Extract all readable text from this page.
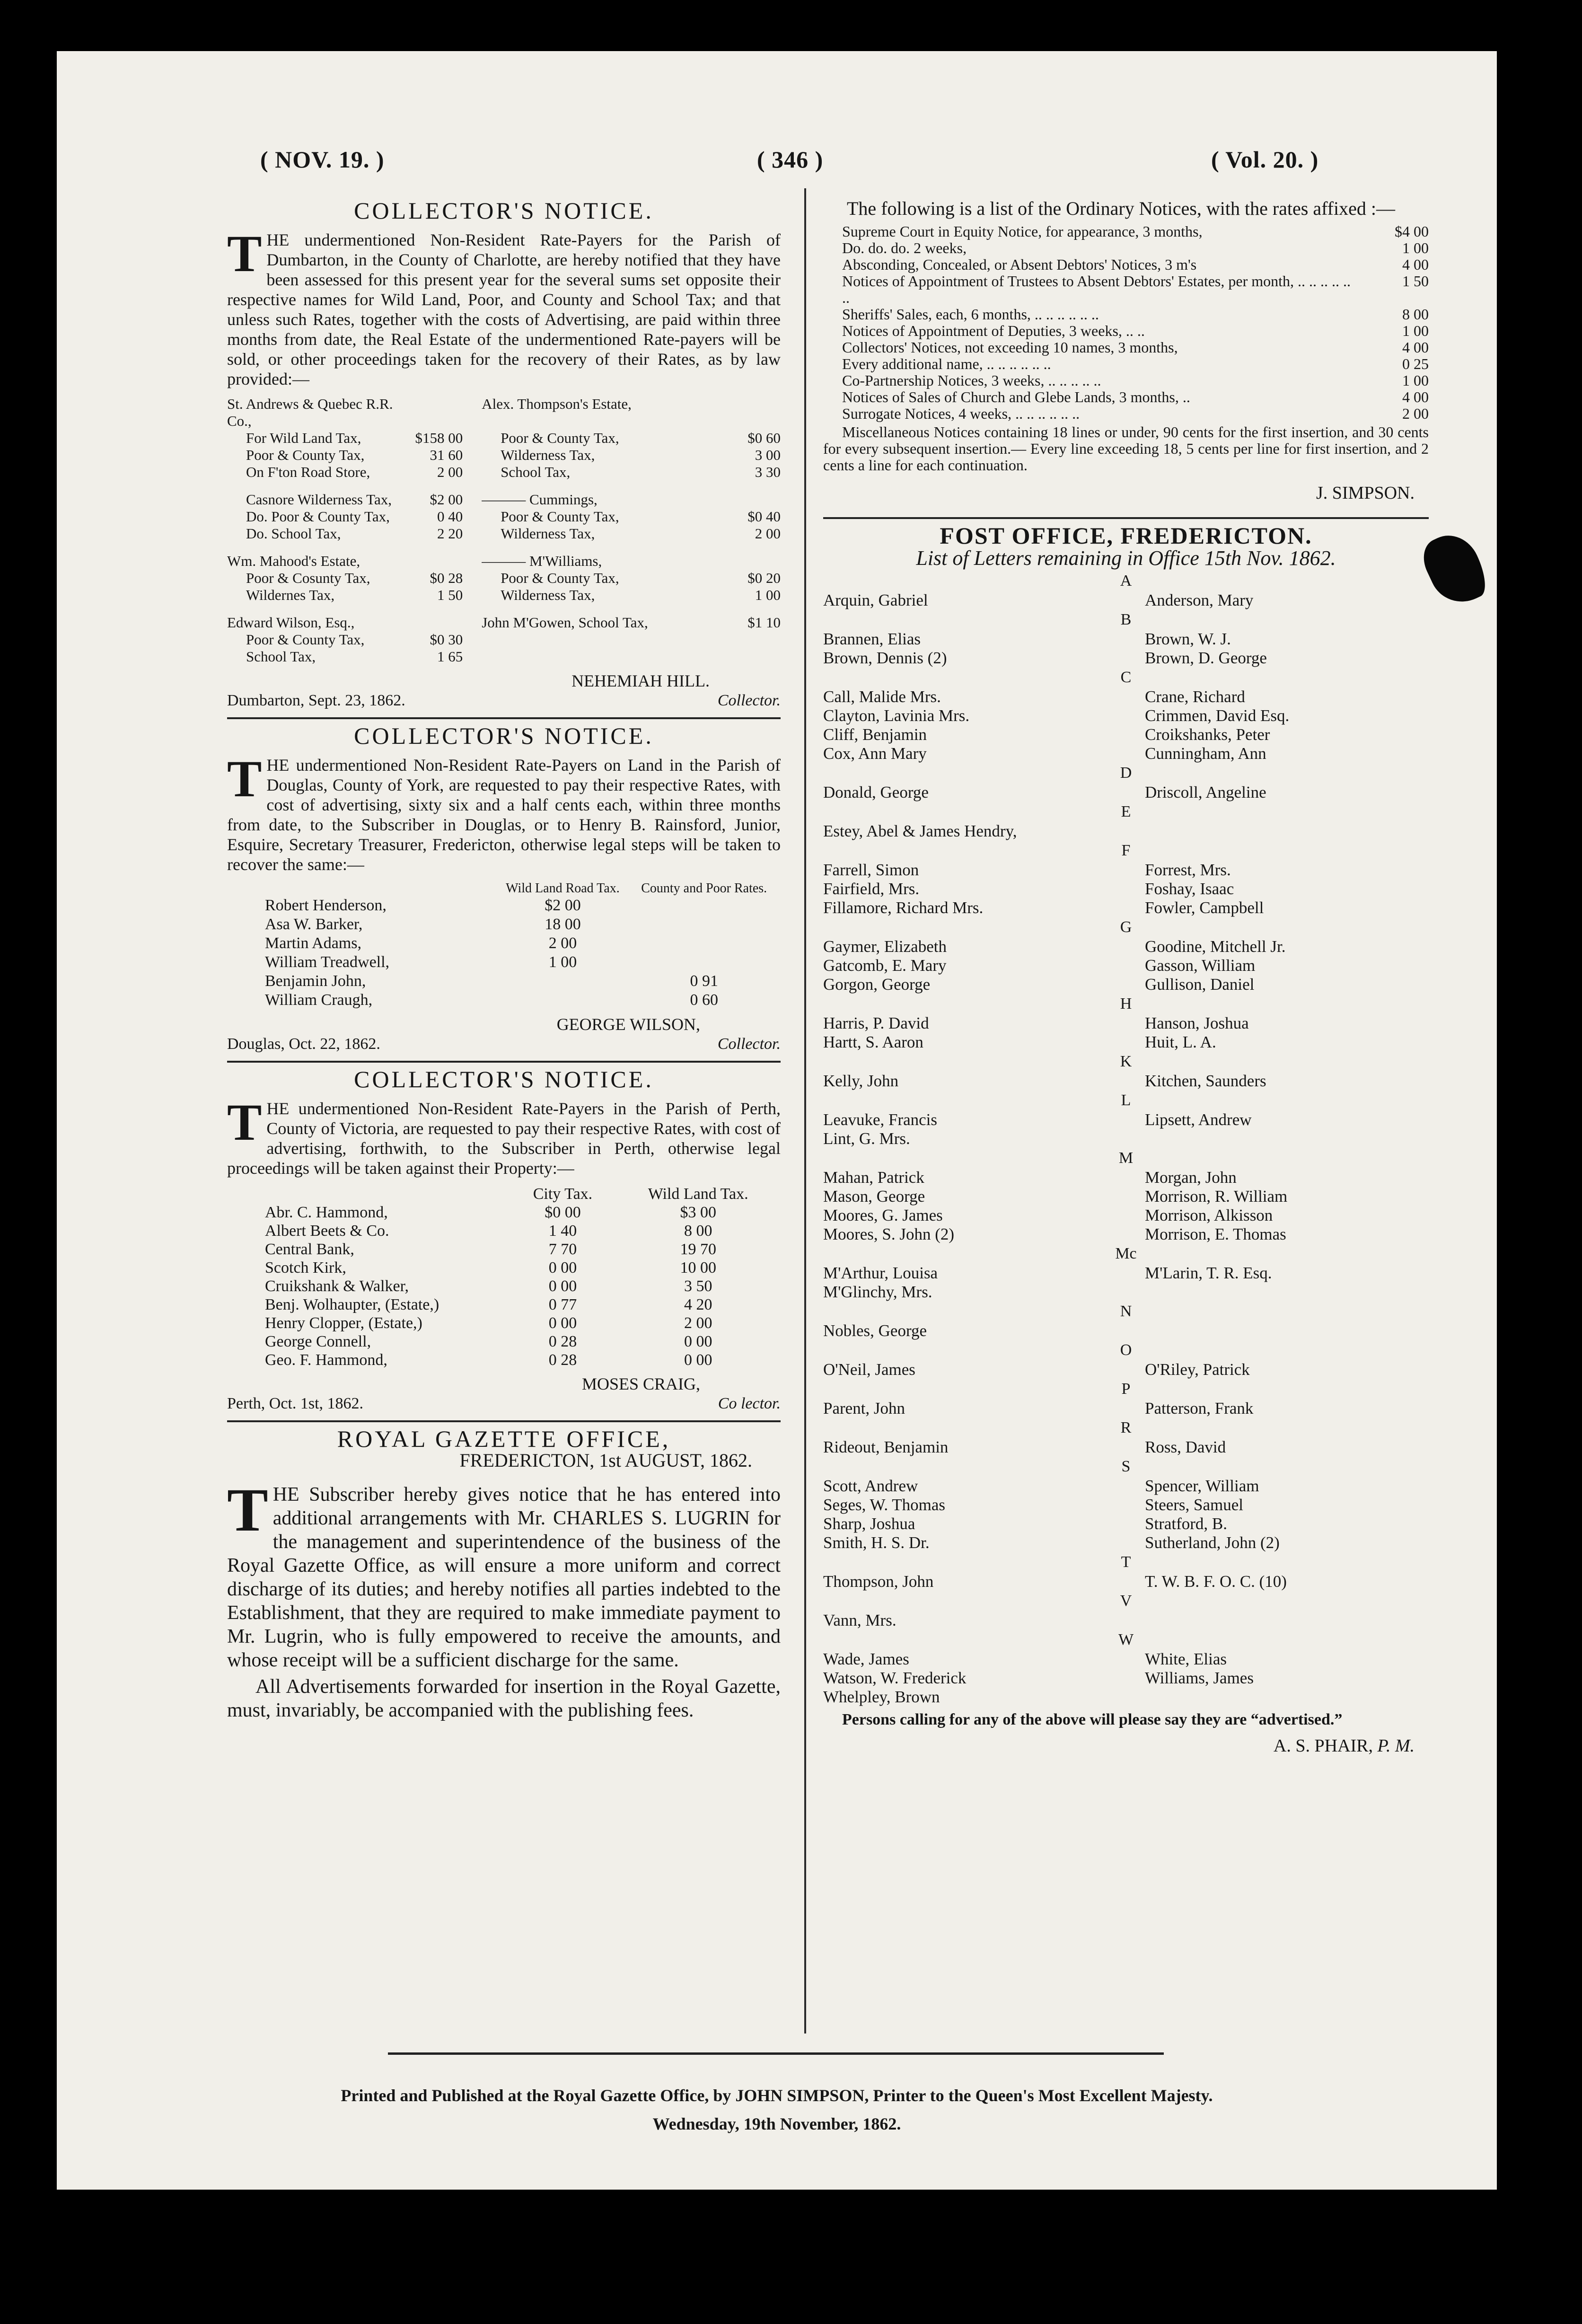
( NOV. 19. )	( 346 )	( Vol. 20. )
COLLECTOR'S NOTICE.

THE undermentioned Non-Resident Rate-Payers for the Parish of Dumbarton, in the County of Charlotte, are hereby notified that they have been assessed for this present year for the several sums set opposite their respective names for Wild Land, Poor, and County and School Tax; and that unless such Rates, together with the costs of Advertising, are paid within three months from date, the Real Estate of the undermentioned Rate-payers will be sold, or other proceedings taken for the recovery of their Rates, as by law provided:—

St. Andrews & Quebec R.R. Co.,		Alex. Thompson's Estate,	
For Wild Land Tax,	$158 00	Poor & County Tax,	$0 60
Poor & County Tax,	31 60	Wilderness Tax,	3 00
On F'ton Road Store,	2 00	School Tax,	3 30

Casnore Wilderness Tax,	$2 00	——— Cummings,	
Do. Poor & County Tax,	0 40	Poor & County Tax,	$0 40
Do. School Tax,	2 20	Wilderness Tax,	2 00

Wm. Mahood's Estate,		——— M'Williams,	
Poor & Cosunty Tax,	$0 28	Poor & County Tax,	$0 20
Wildernes Tax,	1 50	Wilderness Tax,	1 00

Edward Wilson, Esq.,		John M'Gowen, School Tax,	$1 10
Poor & County Tax,	$0 30		
School Tax,	1 65		
NEHEMIAH HILL.
Dumbarton, Sept. 23, 1862.	Collector.
COLLECTOR'S NOTICE.

THE undermentioned Non-Resident Rate-Payers on Land in the Parish of Douglas, County of York, are requested to pay their respective Rates, with cost of advertising, sixty six and a half cents each, within three months from date, to the Subscriber in Douglas, or to Henry B. Rainsford, Junior, Esquire, Secretary Treasurer, Fredericton, otherwise legal steps will be taken to recover the same:—

	Wild Land Road Tax.	County and Poor Rates.
Robert Henderson,	$2 00	
Asa W. Barker,	18 00	
Martin Adams,	2 00	
William Treadwell,	1 00	
Benjamin John,		0 91
William Craugh,		0 60
GEORGE WILSON,
Douglas, Oct. 22, 1862.	Collector.
COLLECTOR'S NOTICE.

THE undermentioned Non-Resident Rate-Payers in the Parish of Perth, County of Victoria, are requested to pay their respective Rates, with cost of advertising, forthwith, to the Subscriber in Perth, otherwise legal proceedings will be taken against their Property:—

	City Tax.	Wild Land Tax.
Abr. C. Hammond,	$0 00	$3 00
Albert Beets & Co.	1 40	8 00
Central Bank,	7 70	19 70
Scotch Kirk,	0 00	10 00
Cruikshank & Walker,	0 00	3 50
Benj. Wolhaupter, (Estate,)	0 77	4 20
Henry Clopper, (Estate,)	0 00	2 00
George Connell,	0 28	0 00
Geo. F. Hammond,	0 28	0 00
MOSES CRAIG,
Perth, Oct. 1st, 1862.	Co lector.
ROYAL GAZETTE OFFICE,
FREDERICTON, 1st AUGUST, 1862.

THE Subscriber hereby gives notice that he has entered into additional arrangements with Mr. CHARLES S. LUGRIN for the management and superintendence of the business of the Royal Gazette Office, as will ensure a more uniform and correct discharge of its duties; and hereby notifies all parties indebted to the Establishment, that they are required to make immediate payment to Mr. Lugrin, who is fully empowered to receive the amounts, and whose receipt will be a sufficient discharge for the same.

All Advertisements forwarded for insertion in the Royal Gazette, must, invariably, be accompanied with the publishing fees.

The following is a list of the Ordinary Notices, with the rates affixed :—

Supreme Court in Equity Notice, for appearance, 3 months,	$4 00
Do. do. do. 2 weeks,	1 00
Absconding, Concealed, or Absent Debtors' Notices, 3 m's	4 00
Notices of Appointment of Trustees to Absent Debtors' Estates, per month, .. .. .. .. .. ..	1 50
Sheriffs' Sales, each, 6 months, .. .. .. .. .. ..	8 00
Notices of Appointment of Deputies, 3 weeks, .. ..	1 00
Collectors' Notices, not exceeding 10 names, 3 months,	4 00
Every additional name, .. .. .. .. .. ..	0 25
Co-Partnership Notices, 3 weeks, .. .. .. .. ..	1 00
Notices of Sales of Church and Glebe Lands, 3 months, ..	4 00
Surrogate Notices, 4 weeks, .. .. .. .. .. ..	2 00

Miscellaneous Notices containing 18 lines or under, 90 cents for the first insertion, and 30 cents for every subsequent insertion.— Every line exceeding 18, 5 cents per line for first insertion, and 2 cents a line for each continuation.

J. SIMPSON.
FOST OFFICE, FREDERICTON.
List of Letters remaining in Office 15th Nov. 1862.
A
Arquin, Gabriel	Anderson, Mary
B
Brannen, Elias	Brown, W. J.
Brown, Dennis (2)	Brown, D. George
C
Call, Malide Mrs.	Crane, Richard
Clayton, Lavinia Mrs.	Crimmen, David Esq.
Cliff, Benjamin	Croikshanks, Peter
Cox, Ann Mary	Cunningham, Ann
D
Donald, George	Driscoll, Angeline
E
Estey, Abel & James Hendry,
F
Farrell, Simon	Forrest, Mrs.
Fairfield, Mrs.	Foshay, Isaac
Fillamore, Richard Mrs.	Fowler, Campbell
G
Gaymer, Elizabeth	Goodine, Mitchell Jr.
Gatcomb, E. Mary	Gasson, William
Gorgon, George	Gullison, Daniel
H
Harris, P. David	Hanson, Joshua
Hartt, S. Aaron	Huit, L. A.
K
Kelly, John	Kitchen, Saunders
L
Leavuke, Francis	Lipsett, Andrew
Lint, G. Mrs.	
M
Mahan, Patrick	Morgan, John
Mason, George	Morrison, R. William
Moores, G. James	Morrison, Alkisson
Moores, S. John (2)	Morrison, E. Thomas
Mc
M'Arthur, Louisa	M'Larin, T. R. Esq.
M'Glinchy, Mrs.	
N
Nobles, George
O
O'Neil, James	O'Riley, Patrick
P
Parent, John	Patterson, Frank
R
Rideout, Benjamin	Ross, David
S
Scott, Andrew	Spencer, William
Seges, W. Thomas	Steers, Samuel
Sharp, Joshua	Stratford, B.
Smith, H. S. Dr.	Sutherland, John (2)
T
Thompson, John	T. W. B. F. O. C. (10)
V
Vann, Mrs.
W
Wade, James	White, Elias
Watson, W. Frederick	Williams, James
Whelpley, Brown	

Persons calling for any of the above will please say they are “advertised.”

A. S. PHAIR, P. M.
Printed and Published at the Royal Gazette Office, by JOHN SIMPSON, Printer to the Queen's Most Excellent Majesty.
Wednesday, 19th November, 1862.
